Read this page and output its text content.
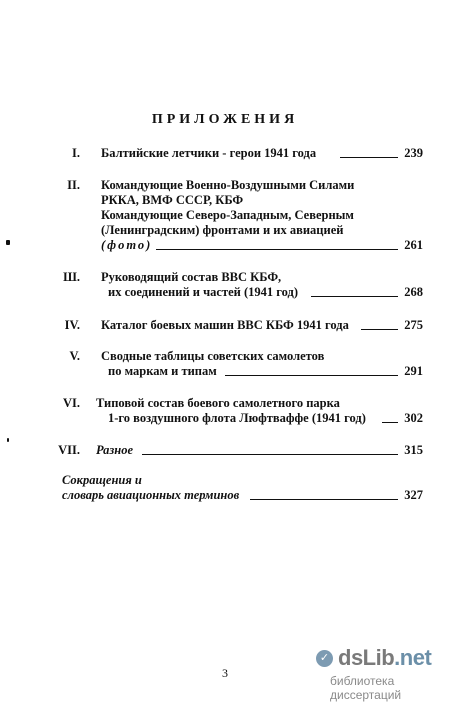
ПРИЛОЖЕНИЯ
I. Балтийские летчики - герои 1941 года	239
II. Командующие Военно-Воздушными Силами
РККА, ВМФ СССР, КБФ
Командующие Северо-Западным, Северным
(Ленинградским) фронтами и их авиацией
(фото)	261
Ш. Руководящий состав ВВС КБФ,
их соединений и частей (1941 год)	268
IV. Каталог боевых машин ВВС КБФ 1941 года	275
V. Сводные таблицы советских самолетов
по маркам и типам	291
VI. Типовой состав боевого самолетного парка
1-го воздушного флота Люфтваффе (1941 год)	302
VII. Разное	315
Сокращения и
словарь авиационных терминов	327
3
✓ dsLib.net
библиотека диссертаций
